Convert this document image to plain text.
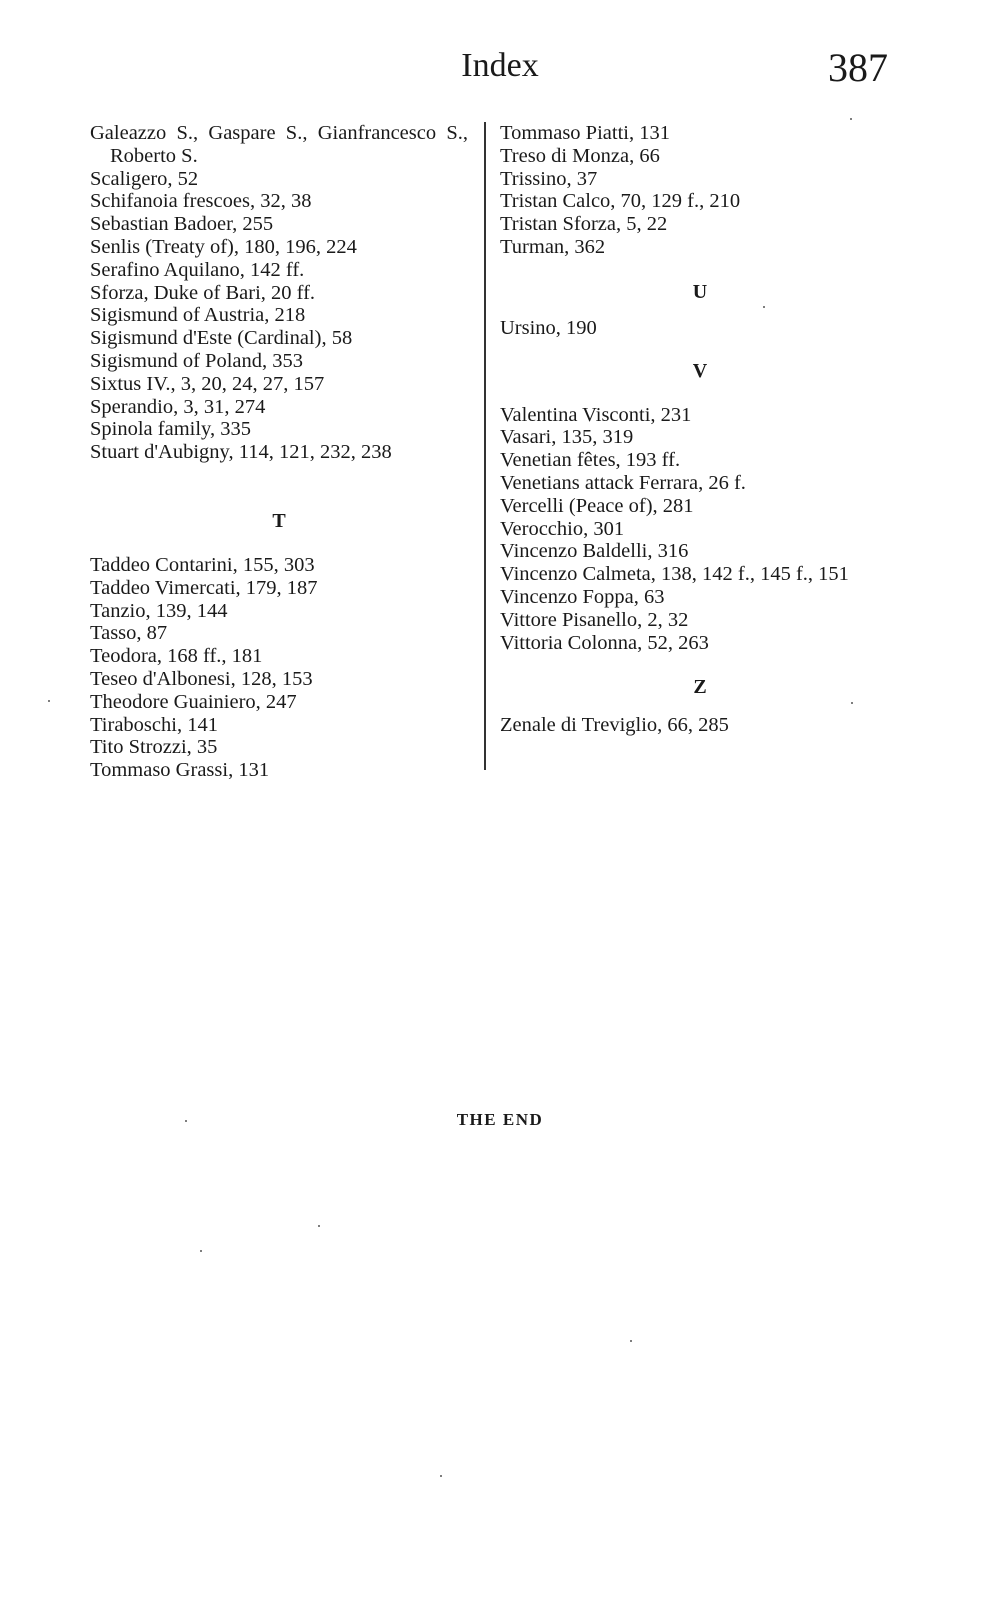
Index	387
Galeazzo S., Gaspare S., Gianfrancesco S., Roberto S.
Scaligero, 52
Schifanoia frescoes, 32, 38
Sebastian Badoer, 255
Senlis (Treaty of), 180, 196, 224
Serafino Aquilano, 142 ff.
Sforza, Duke of Bari, 20 ff.
Sigismund of Austria, 218
Sigismund d'Este (Cardinal), 58
Sigismund of Poland, 353
Sixtus IV., 3, 20, 24, 27, 157
Sperandio, 3, 31, 274
Spinola family, 335
Stuart d'Aubigny, 114, 121, 232, 238
T
Taddeo Contarini, 155, 303
Taddeo Vimercati, 179, 187
Tanzio, 139, 144
Tasso, 87
Teodora, 168 ff., 181
Teseo d'Albonesi, 128, 153
Theodore Guainiero, 247
Tiraboschi, 141
Tito Strozzi, 35
Tommaso Grassi, 131
Tommaso Piatti, 131
Treso di Monza, 66
Trissino, 37
Tristan Calco, 70, 129 f., 210
Tristan Sforza, 5, 22
Turman, 362
U
Ursino, 190
V
Valentina Visconti, 231
Vasari, 135, 319
Venetian fêtes, 193 ff.
Venetians attack Ferrara, 26 f.
Vercelli (Peace of), 281
Verocchio, 301
Vincenzo Baldelli, 316
Vincenzo Calmeta, 138, 142 f., 145 f., 151
Vincenzo Foppa, 63
Vittore Pisanello, 2, 32
Vittoria Colonna, 52, 263
Z
Zenale di Treviglio, 66, 285
THE END
